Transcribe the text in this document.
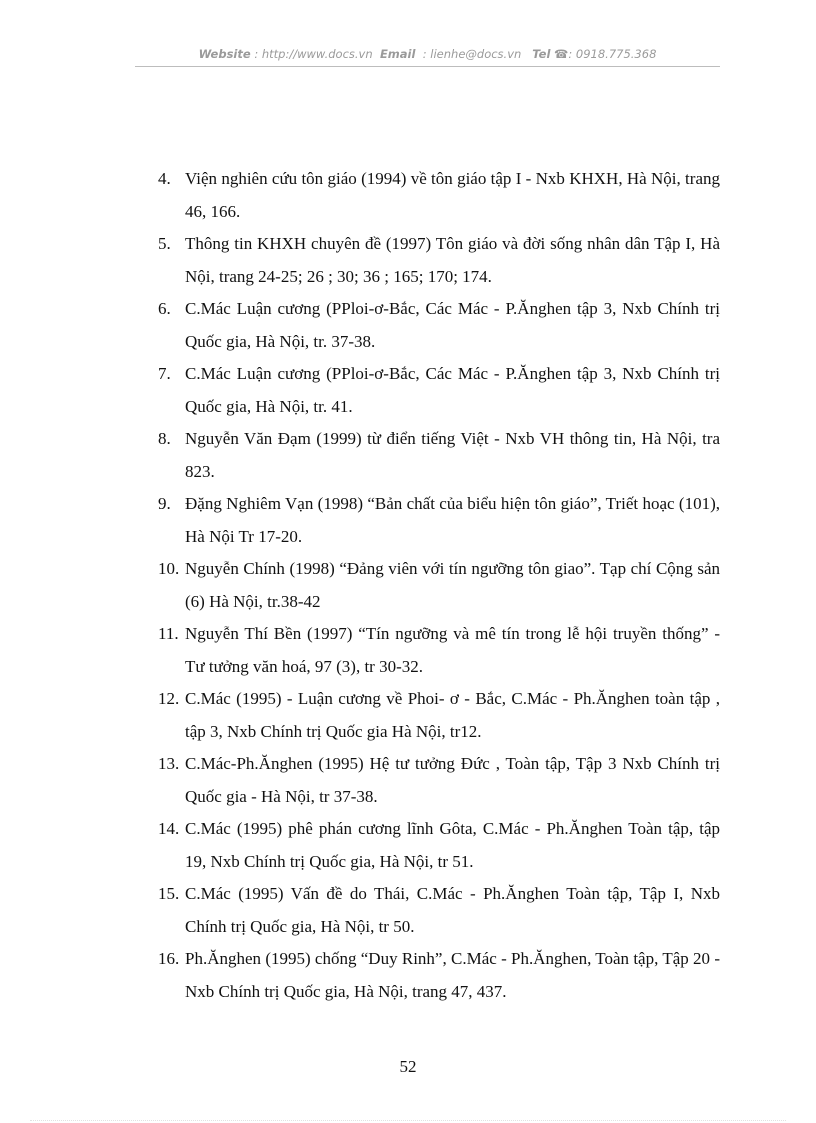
Website : http://www.docs.vn Email : lienhe@docs.vn Tel ☎: 0918.775.368
4. Viện nghiên cứu tôn giáo (1994) về tôn giáo tập I - Nxb KHXH, Hà Nội, trang 46, 166.
5. Thông tin KHXH chuyên đề (1997) Tôn giáo và đời sống nhân dân Tập I, Hà Nội, trang 24-25; 26 ; 30; 36 ; 165; 170; 174.
6. C.Mác Luận cương (PPloi-ơ-Bắc, Các Mác - P.Ănghen tập 3, Nxb Chính trị Quốc gia, Hà Nội, tr. 37-38.
7. C.Mác Luận cương (PPloi-ơ-Bắc, Các Mác - P.Ănghen tập 3, Nxb Chính trị Quốc gia, Hà Nội, tr. 41.
8. Nguyễn Văn Đạm (1999) từ điển tiếng Việt - Nxb VH thông tin, Hà Nội, tra 823.
9. Đặng Nghiêm Vạn (1998) “Bản chất của biểu hiện tôn giáo”, Triết hoạc (101), Hà Nội Tr 17-20.
10. Nguyễn Chính (1998) “Đảng viên với tín ngưỡng tôn giao”. Tạp chí Cộng sản (6) Hà Nội, tr.38-42
11. Nguyễn Thí Bền (1997) “Tín ngưỡng và mê tín trong lễ hội truyền thống” - Tư tưởng văn hoá, 97 (3), tr 30-32.
12. C.Mác (1995) - Luận cương về Phoi- ơ - Bắc, C.Mác - Ph.Ănghen toàn tập , tập 3, Nxb Chính trị Quốc gia Hà Nội, tr12.
13. C.Mác-Ph.Ănghen (1995) Hệ tư tưởng Đức , Toàn tập, Tập 3 Nxb Chính trị Quốc gia - Hà Nội, tr 37-38.
14. C.Mác (1995) phê phán cương lĩnh Gôta, C.Mác - Ph.Ănghen Toàn tập, tập 19, Nxb Chính trị Quốc gia, Hà Nội, tr 51.
15. C.Mác (1995) Vấn đề do Thái, C.Mác - Ph.Ănghen Toàn tập, Tập I, Nxb Chính trị Quốc gia, Hà Nội, tr 50.
16. Ph.Ănghen (1995) chống “Duy Rinh”, C.Mác - Ph.Ănghen, Toàn tập, Tập 20 - Nxb Chính trị Quốc gia, Hà Nội, trang 47, 437.
52
